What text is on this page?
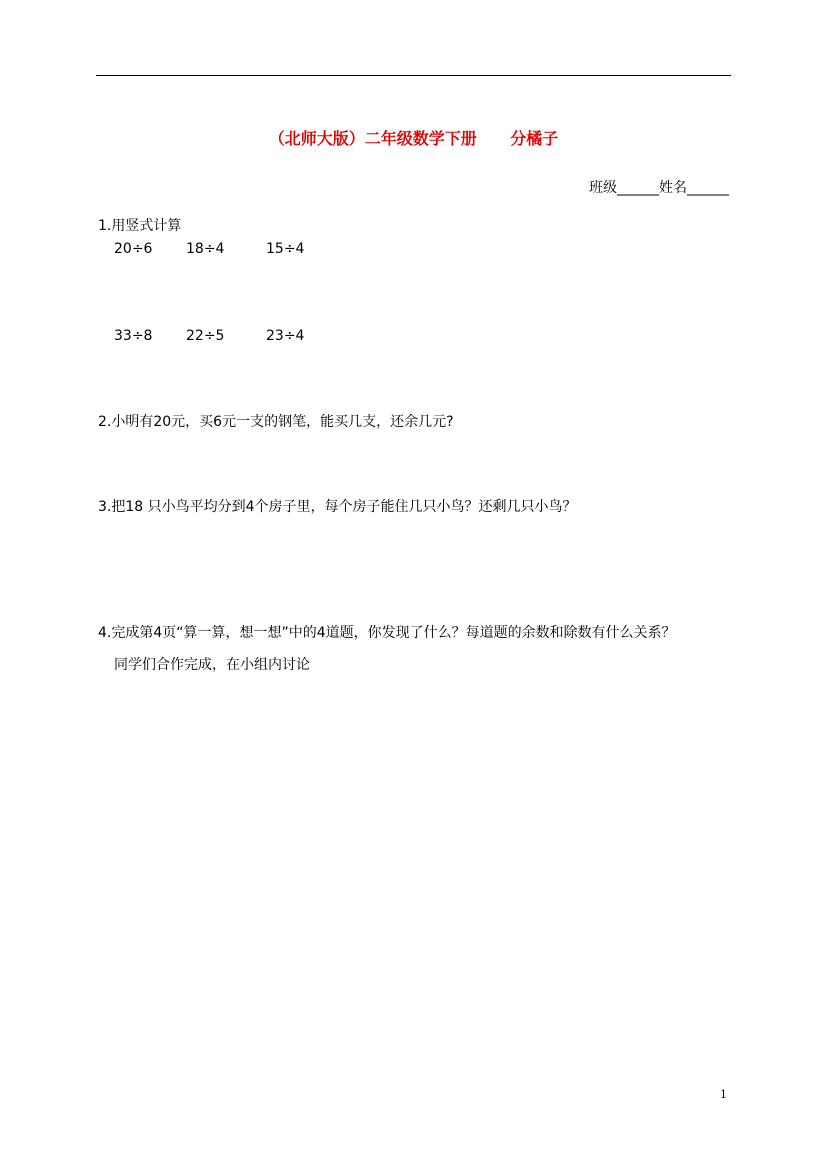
（北师大版）二年级数学下册      分橘子
班级______姓名______
1.用竖式计算
20÷6 18÷4	15÷4
33÷8 22÷5	23÷4
2.小明有20元，买6元一支的钢笔，能买几支，还余几元?
3.把18 只小鸟平均分到4个房子里，每个房子能住几只小鸟？还剩几只小鸟？
4.完成第4页“算一算，想一想”中的4道题，你发现了什么？每道题的余数和除数有什么关系？
同学们合作完成，在小组内讨论
1
